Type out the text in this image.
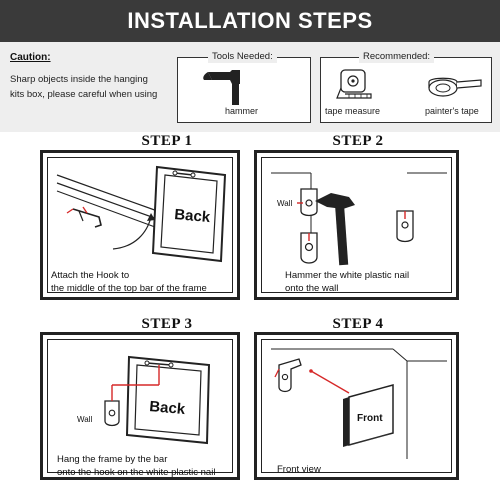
INSTALLATION STEPS
Caution:
Sharp objects inside the hanging
kits box, please careful when using
Tools Needed:
hammer
Recommended:
tape measure	painter's tape
STEP 1
Back
Attach the Hook to
the middle of the top bar of the frame
STEP 2
Wall
Hammer the white plastic nail
onto the wall
STEP 3
Back
Wall
Hang the frame by the bar
onto the hook on the white plastic nail
STEP 4
Front
Front view
